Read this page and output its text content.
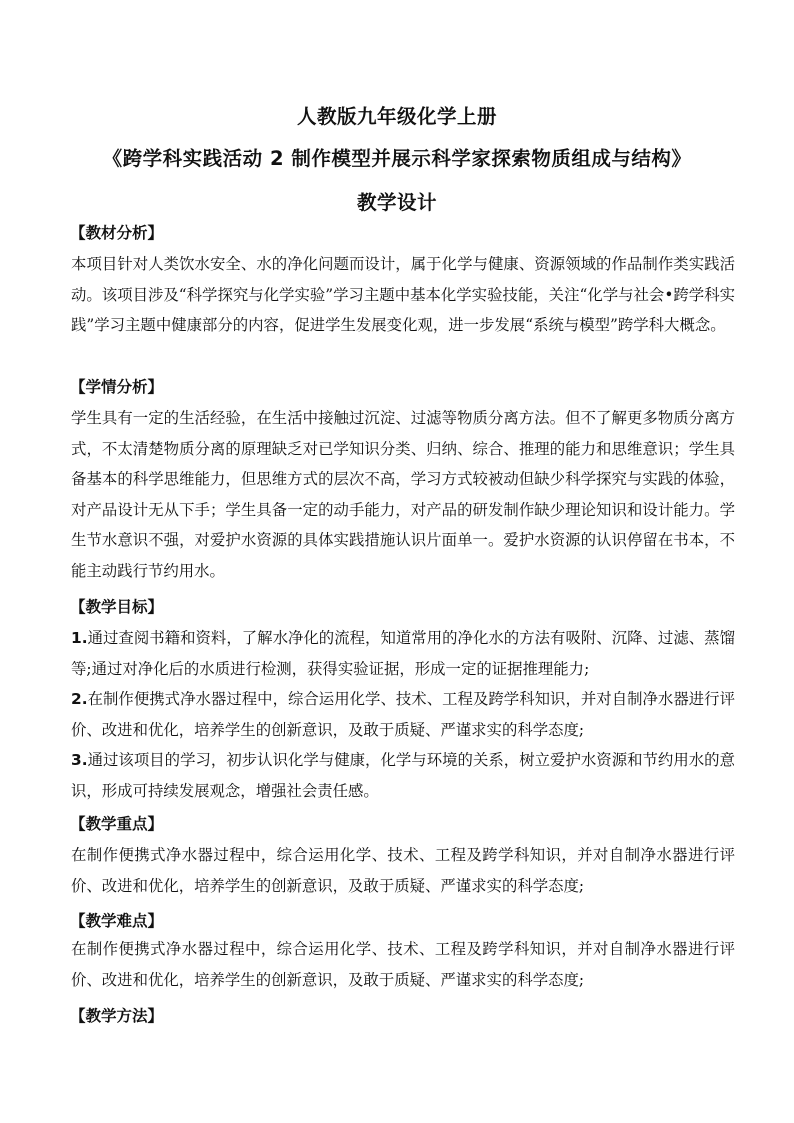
人教版九年级化学上册
《跨学科实践活动 2 制作模型并展示科学家探索物质组成与结构》
教学设计
【教材分析】

本项目针对人类饮水安全、水的净化问题而设计，属于化学与健康、资源领域的作品制作类实践活动。该项目涉及“科学探究与化学实验”学习主题中基本化学实验技能，关注“化学与社会•跨学科实践”学习主题中健康部分的内容，促进学生发展变化观，进一步发展“系统与模型”跨学科大概念。

【学情分析】

学生具有一定的生活经验，在生活中接触过沉淀、过滤等物质分离方法。但不了解更多物质分离方式，不太清楚物质分离的原理缺乏对已学知识分类、归纳、综合、推理的能力和思维意识；学生具备基本的科学思维能力，但思维方式的层次不高，学习方式较被动但缺少科学探究与实践的体验，对产品设计无从下手；学生具备一定的动手能力，对产品的研发制作缺少理论知识和设计能力。学生节水意识不强，对爱护水资源的具体实践措施认识片面单一。爱护水资源的认识停留在书本，不能主动践行节约用水。

【教学目标】

1.通过查阅书籍和资料，了解水净化的流程，知道常用的净化水的方法有吸附、沉降、过滤、蒸馏等;通过对净化后的水质进行检测，获得实验证据，形成一定的证据推理能力;

2.在制作便携式净水器过程中，综合运用化学、技术、工程及跨学科知识，并对自制净水器进行评价、改进和优化，培养学生的创新意识，及敢于质疑、严谨求实的科学态度;

3.通过该项目的学习，初步认识化学与健康，化学与环境的关系，树立爱护水资源和节约用水的意识，形成可持续发展观念，增强社会责任感。

【教学重点】

在制作便携式净水器过程中，综合运用化学、技术、工程及跨学科知识，并对自制净水器进行评价、改进和优化，培养学生的创新意识，及敢于质疑、严谨求实的科学态度;

【教学难点】

在制作便携式净水器过程中，综合运用化学、技术、工程及跨学科知识，并对自制净水器进行评价、改进和优化，培养学生的创新意识，及敢于质疑、严谨求实的科学态度;

【教学方法】
